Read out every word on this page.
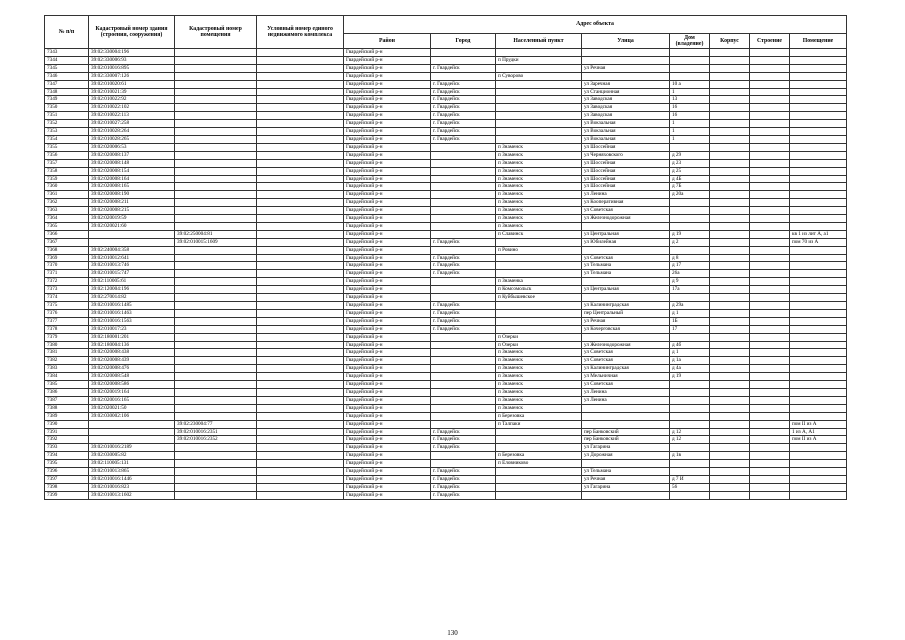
№ п/п	Кадастровый номер здания (строения, сооружения)	Кадастровый номер помещения	Условный номер единого недвижимого комплекса	Адрес объекта							
				Район	Город	Населенный пункт	Улица	Дом (владение)	Корпус	Строение	Помещение
7343	39:02:330004:196			Гвардейский р-н							
7344	39:02:330006:93			Гвардейский р-н		п Прудки					
7345	39:02:010016:895			Гвардейский р-н	г. Гвардейск		ул Речная				
7346	39:02:330007:126			Гвардейский р-н		п Суворово					
7347	39:02:010020:61			Гвардейский р-н	г. Гвардейск		ул Заречная	10 а			
7348	39:02:010021:39			Гвардейский р-н	г. Гвардейск		ул Станционная	1			
7349	39:02:010022:92			Гвардейский р-н	г. Гвардейск		ул Заводская	13			
7350	39:02:010022:102			Гвардейский р-н	г. Гвардейск		ул Заводская	16			
7351	39:02:010022:113			Гвардейский р-н	г. Гвардейск		ул Заводская	16			
7352	39:02:010027:258			Гвардейский р-н	г. Гвардейск		ул Вокзальная	1			
7353	39:02:010028:264			Гвардейский р-н	г. Гвардейск		ул Вокзальная	1			
7354	39:02:010028:265			Гвардейский р-н	г. Гвардейск		ул Вокзальная	1			
7355	39:02:020006:53			Гвардейский р-н		п Знаменск	ул Шоссейная				
7356	39:02:020008:137			Гвардейский р-н		п Знаменск	ул Черняховского	д 29			
7357	39:02:020008:148			Гвардейский р-н		п Знаменск	ул Шоссейная	д 23			
7358	39:02:020008:154			Гвардейский р-н		п Знаменск	ул Шоссейная	д 25			
7359	39:02:020008:164			Гвардейский р-н		п Знаменск	ул Шоссейная	д 4Б			
7360	39:02:020008:165			Гвардейский р-н		п Знаменск	ул Шоссейная	д 7Б			
7361	39:02:020008:190			Гвардейский р-н		п Знаменск	ул Ленина	д 20а			
7362	39:02:020008:211			Гвардейский р-н		п Знаменск	ул Кооперативная				
7363	39:02:020008:215			Гвардейский р-н		п Знаменск	ул Советская				
7364	39:02:020019:59			Гвардейский р-н		п Знаменск	ул Железнодорожная				
7365	39:02:020021:60			Гвардейский р-н		п Знаменск					
7366		39:02:250004:81		Гвардейский р-н		п Славинск	ул Центральная	д 19			кв 1 из лит А, а1
7367		39:02:010015:1609		Гвардейский р-н	г. Гвардейск		ул Юбилейная	д 2			пом 70 из А
7368	39:02:240004:358			Гвардейский р-н		п Ровино					
7369	39:02:010012:641			Гвардейский р-н	г. Гвардейск		ул Советская	д 8			
7370	39:02:010013:746			Гвардейский р-н	г. Гвардейск		ул Тельмана	д 17			
7371	39:02:010015:747			Гвардейский р-н	г. Гвардейск		ул Тельмана	26а			
7372	39:02:110005:61			Гвардейский р-н		п Знаменка		д 9			
7373	39:02:120004:196			Гвардейский р-н		п Комсомольск	ул Центральная	17а			
7374	39:02:270014:82			Гвардейский р-н		п Куйбышевское					
7375	39:02:010016:1485			Гвардейский р-н	г. Гвардейск		ул Калининградская	д 29а			
7376	39:02:010016:1463			Гвардейский р-н	г. Гвардейск		пер Центральный	д 1			
7377	39:02:010016:1563			Гвардейский р-н	г. Гвардейск		ул Речная	1Б			
7378	39:02:010017:23			Гвардейский р-н	г. Гвардейск		ул Кочерговская	17			
7379	39:02:180001:201			Гвардейский р-н		п Озерки					
7380	39:02:180004:136			Гвардейский р-н		п Озерки	ул Железнодорожная	д 4б			
7381	39:02:020008:438			Гвардейский р-н		п Знаменск	ул Советская	д 1			
7382	39:02:020008:439			Гвардейский р-н		п Знаменск	ул Советская	д 1а			
7383	39:02:020008:476			Гвардейский р-н		п Знаменск	ул Калининградская	д 4а			
7384	39:02:020008:548			Гвардейский р-н		п Знаменск	ул Мельничная	д 19			
7385	39:02:020008:586			Гвардейский р-н		п Знаменск	ул Советская				
7386	39:02:020019:164			Гвардейский р-н		п Знаменск	ул Ленина				
7387	39:02:020016:165			Гвардейский р-н		п Знаменск	ул Ленина				
7388	39:02:020021:50			Гвардейский р-н		п Знаменск					
7389	39:02:030002:106			Гвардейский р-н		п Березовка					
7390		39:02:230004:77		Гвардейский р-н		п Талпаки					пом II из А
7391		39:02:010016:2351		Гвардейский р-н	г. Гвардейск		пер Банковский	д 12			1 из А, А1
7392		39:02:010016:2352		Гвардейский р-н	г. Гвардейск		пер Банковский	д 12			пом II из А
7393	39:02:010016:2189			Гвардейский р-н	г. Гвардейск		ул Гагарина				
7394	39:02:030005:82			Гвардейский р-н		п Березовка	ул Дорожная	д 1в			
7395	39:02:110005:131			Гвардейский р-н		п Еловниково					
7396	39:02:010013:865			Гвардейский р-н	г. Гвардейск		ул Тельмана				
7397	39:02:010016:1446			Гвардейский р-н	г. Гвардейск		ул Речная	д 7 И			
7398	39:02:010016:823			Гвардейский р-н	г. Гвардейск		ул Гагарина	56			
7399	39:02:010013:1602			Гвардейский р-н	г. Гвардейск						
130
